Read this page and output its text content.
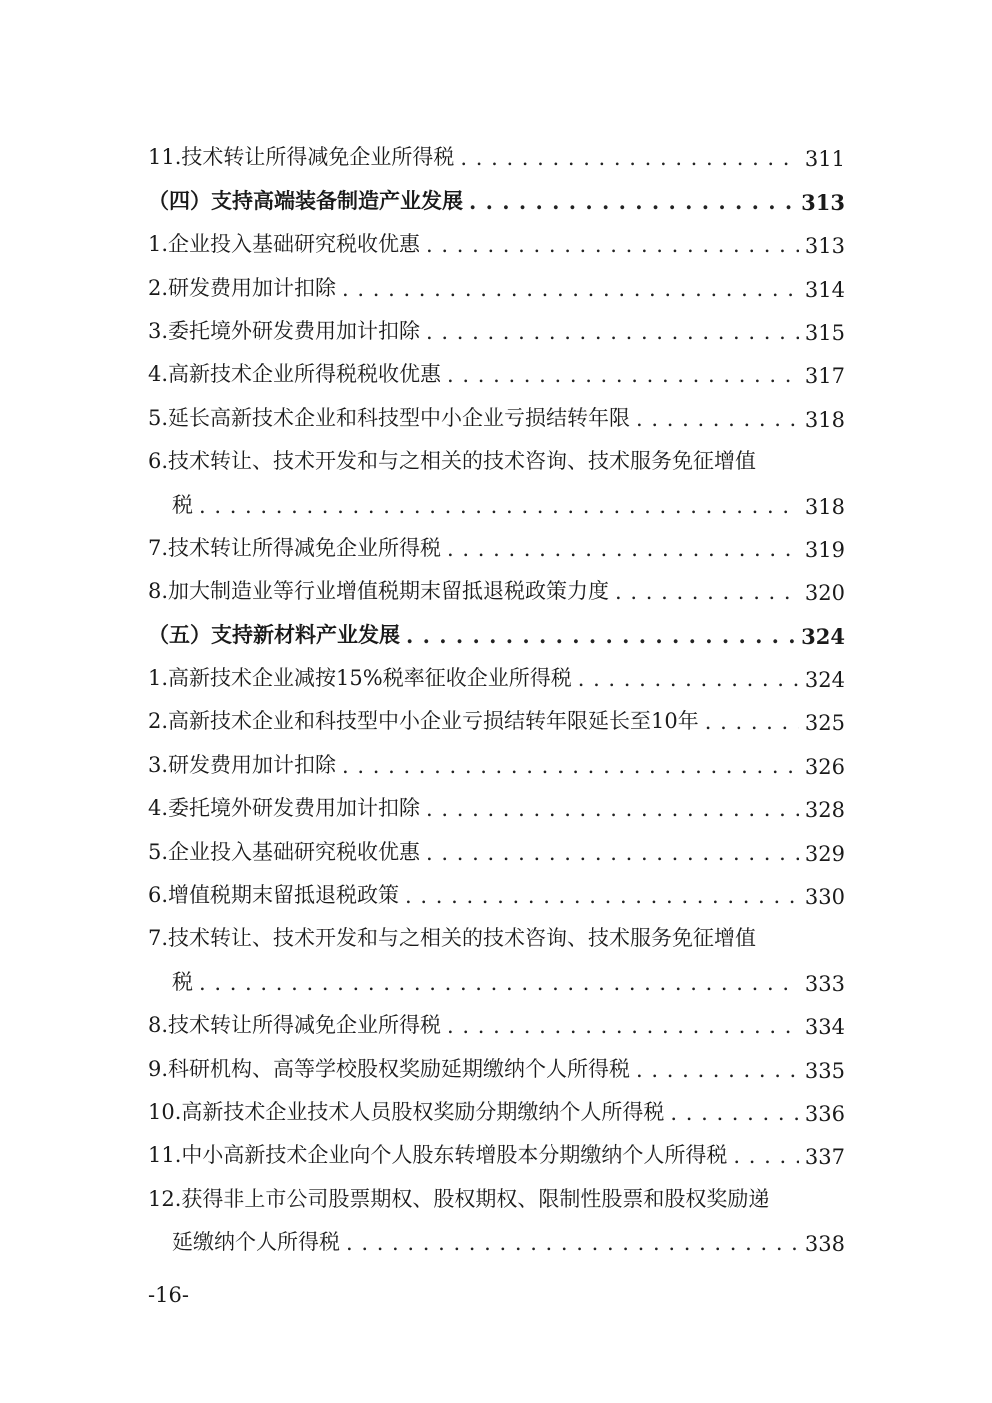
11.技术转让所得减免企业所得税 . . .	311
（四）支持高端装备制造产业发展 . . .	313
1.企业投入基础研究税收优惠 . . .	313
2.研发费用加计扣除 . . .	314
3.委托境外研发费用加计扣除 . . .	315
4.高新技术企业所得税税收优惠 . . .	317
5.延长高新技术企业和科技型中小企业亏损结转年限 . . .	318
6.技术转让、技术开发和与之相关的技术咨询、技术服务免征增值
税 . . .	318
7.技术转让所得减免企业所得税 . . .	319
8.加大制造业等行业增值税期末留抵退税政策力度 . . .	320
（五）支持新材料产业发展 . . .	324
1.高新技术企业减按15%税率征收企业所得税 . . .	324
2.高新技术企业和科技型中小企业亏损结转年限延长至10年 . . .	325
3.研发费用加计扣除 . . .	326
4.委托境外研发费用加计扣除 . . .	328
5.企业投入基础研究税收优惠 . . .	329
6.增值税期末留抵退税政策 . . .	330
7.技术转让、技术开发和与之相关的技术咨询、技术服务免征增值
税 . . .	333
8.技术转让所得减免企业所得税 . . .	334
9.科研机构、高等学校股权奖励延期缴纳个人所得税 . . .	335
10.高新技术企业技术人员股权奖励分期缴纳个人所得税 . . .	336
11.中小高新技术企业向个人股东转增股本分期缴纳个人所得税 . . .	337
12.获得非上市公司股票期权、股权期权、限制性股票和股权奖励递
延缴纳个人所得税 . . .	338
-16-
